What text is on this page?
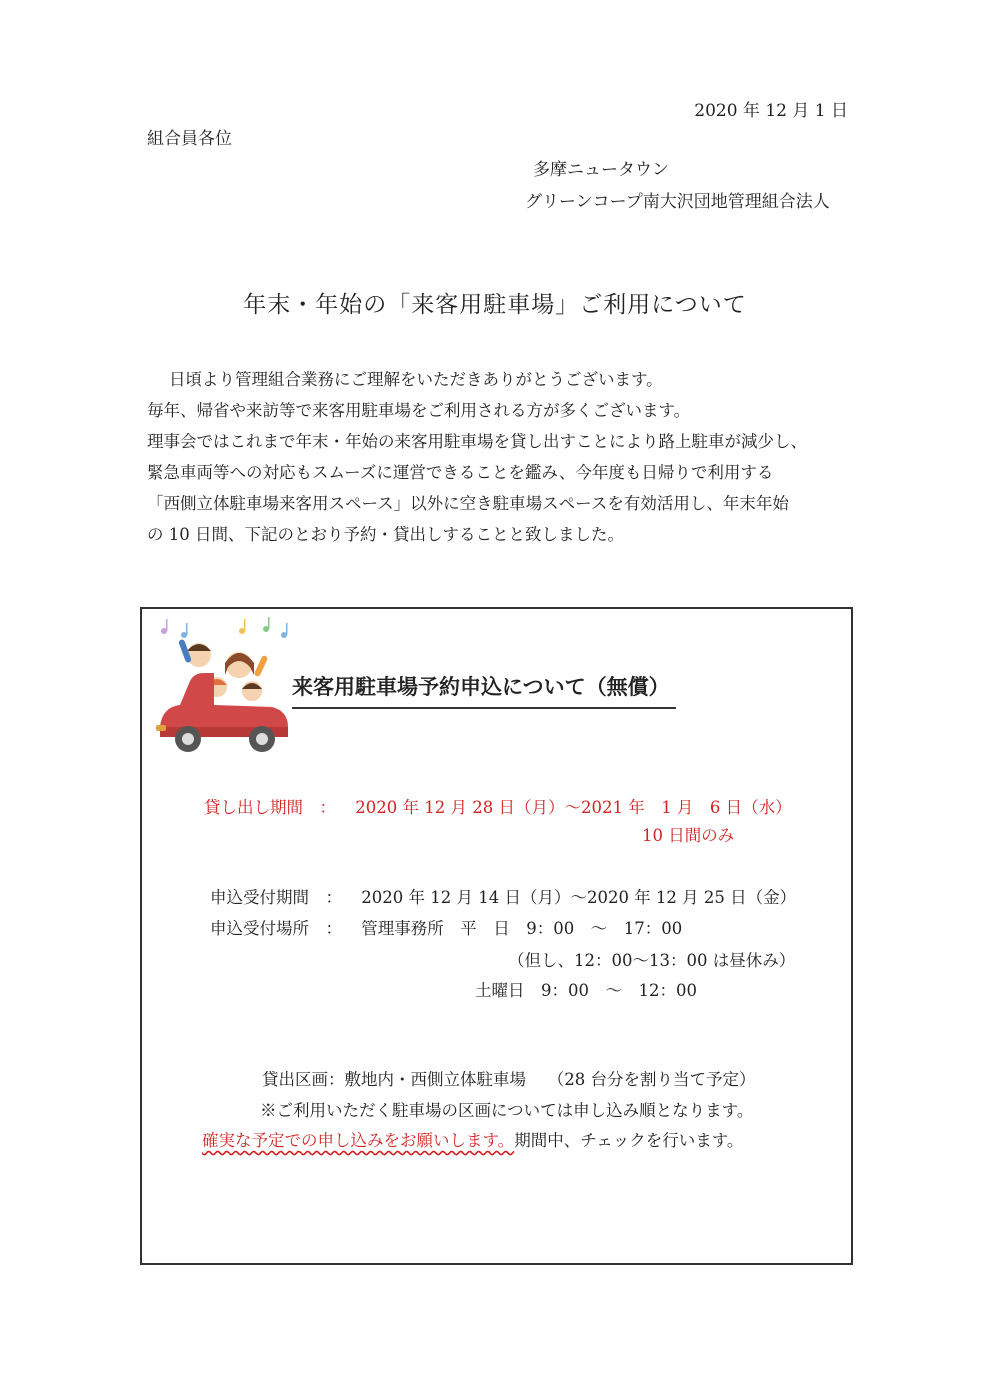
2020 年 12 月 1 日
組合員各位
多摩ニュータウン
グリーンコープ南大沢団地管理組合法人
年末・年始の「来客用駐車場」ご利用について

日頃より管理組合業務にご理解をいただきありがとうございます。

毎年、帰省や来訪等で来客用駐車場をご利用される方が多くございます。

理事会ではこれまで年末・年始の来客用駐車場を貸し出すことにより路上駐車が減少し、

緊急車両等への対応もスムーズに運営できることを鑑み、今年度も日帰りで利用する

「西側立体駐車場来客用スペース」以外に空き駐車場スペースを有効活用し、年末年始

の 10 日間、下記のとおり予約・貸出しすることと致しました。

来客用駐車場予約申込について（無償）
貸し出し期間　： 2020 年 12 月 28 日（月）～2021 年　1 月　6 日（水）
10 日間のみ
申込受付期間　： 2020 年 12 月 14 日（月）～2020 年 12 月 25 日（金）
申込受付場所　： 管理事務所　平　日　9：00　～　17：00
（但し、12：00～13：00 は昼休み）
土曜日　9：00　～　12：00
貸出区画：敷地内・西側立体駐車場　 （28 台分を割り当て予定）
※ご利用いただく駐車場の区画については申し込み順となります。
確実な予定での申し込みをお願いします。期間中、チェックを行います。
